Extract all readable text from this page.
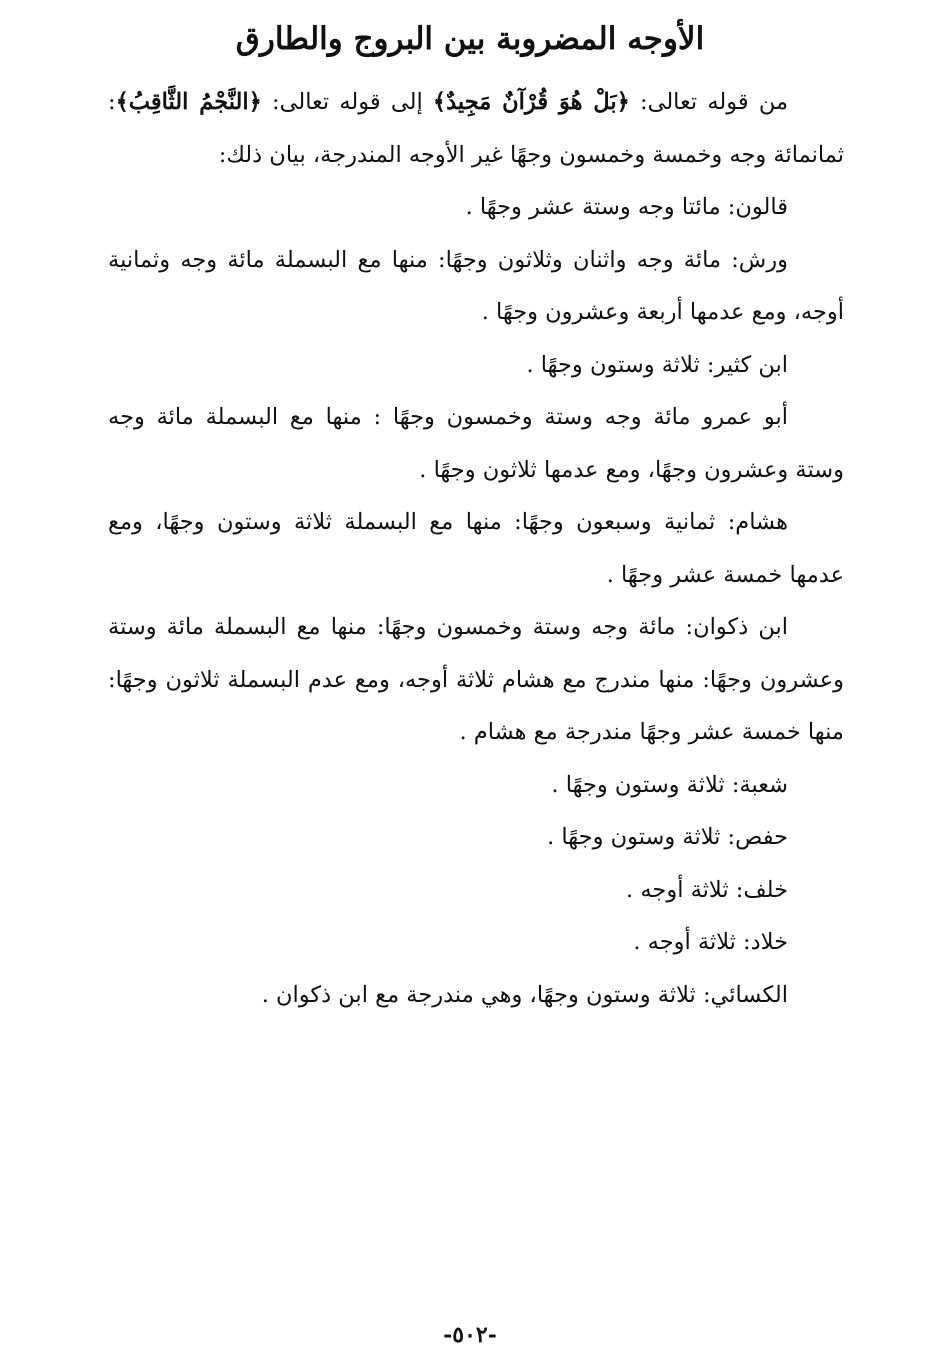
الأوجه المضروبة بين البروج والطارق

من قوله تعالى: ﴿بَلْ هُوَ قُرْآنٌ مَجِيدٌ﴾ إلى قوله تعالى: ﴿النَّجْمُ الثَّاقِبُ﴾: ثمانمائة وجه وخمسة وخمسون وجهًا غير الأوجه المندرجة، بيان ذلك:

قالون: مائتا وجه وستة عشر وجهًا .

ورش: مائة وجه واثنان وثلاثون وجهًا: منها مع البسملة مائة وجه وثمانية أوجه، ومع عدمها أربعة وعشرون وجهًا .

ابن كثير: ثلاثة وستون وجهًا .

أبو عمرو مائة وجه وستة وخمسون وجهًا : منها مع البسملة مائة وجه وستة وعشرون وجهًا، ومع عدمها ثلاثون وجهًا .

هشام: ثمانية وسبعون وجهًا: منها مع البسملة ثلاثة وستون وجهًا، ومع عدمها خمسة عشر وجهًا .

ابن ذكوان: مائة وجه وستة وخمسون وجهًا: منها مع البسملة مائة وستة وعشرون وجهًا: منها مندرج مع هشام ثلاثة أوجه، ومع عدم البسملة ثلاثون وجهًا: منها خمسة عشر وجهًا مندرجة مع هشام .

شعبة: ثلاثة وستون وجهًا .

حفص: ثلاثة وستون وجهًا .

خلف: ثلاثة أوجه .

خلاد: ثلاثة أوجه .

الكسائي: ثلاثة وستون وجهًا، وهي مندرجة مع ابن ذكوان .

-٥٠٢-
